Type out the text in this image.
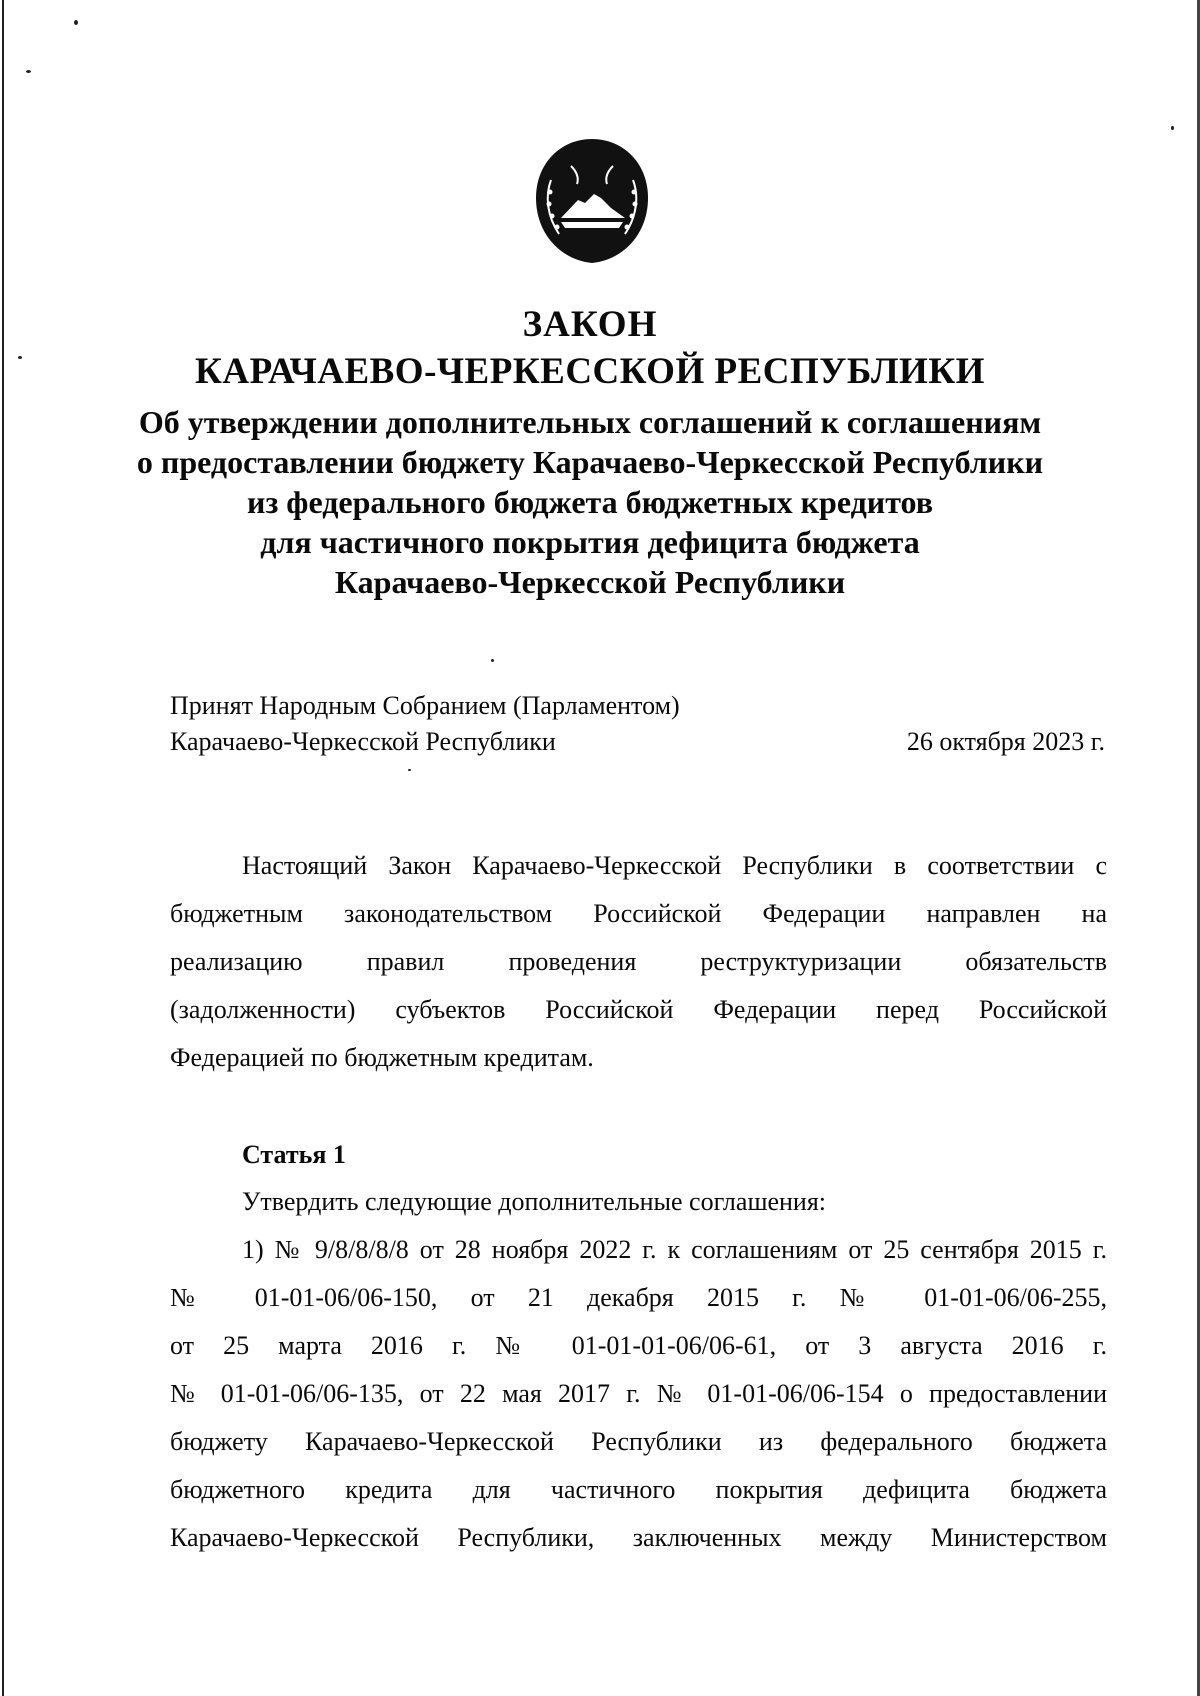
ЗАКОН
КАРАЧАЕВО-ЧЕРКЕССКОЙ РЕСПУБЛИКИ
Об утверждении дополнительных соглашений к соглашениям
о предоставлении бюджету Карачаево-Черкесской Республики
из федерального бюджета бюджетных кредитов
для частичного покрытия дефицита бюджета
Карачаево-Черкесской Республики
Принят Народным Собранием (Парламентом)
Карачаево-Черкесской Республики	26 октября 2023 г.
Настоящий Закон Карачаево-Черкесской Республики в соответствии с
бюджетным законодательством Российской Федерации направлен на
реализацию правил проведения реструктуризации обязательств
(задолженности) субъектов Российской Федерации перед Российской
Федерацией по бюджетным кредитам.
Статья 1
Утвердить следующие дополнительные соглашения:
1) № 9/8/8/8/8 от 28 ноября 2022 г. к соглашениям от 25 сентября 2015 г.
№ 01-01-06/06-150, от 21 декабря 2015 г. № 01-01-06/06-255,
от 25 марта 2016 г. № 01-01-01-06/06-61, от 3 августа 2016 г.
№ 01-01-06/06-135, от 22 мая 2017 г. № 01-01-06/06-154 о предоставлении
бюджету Карачаево-Черкесской Республики из федерального бюджета
бюджетного кредита для частичного покрытия дефицита бюджета
Карачаево-Черкесской Республики, заключенных между Министерством
